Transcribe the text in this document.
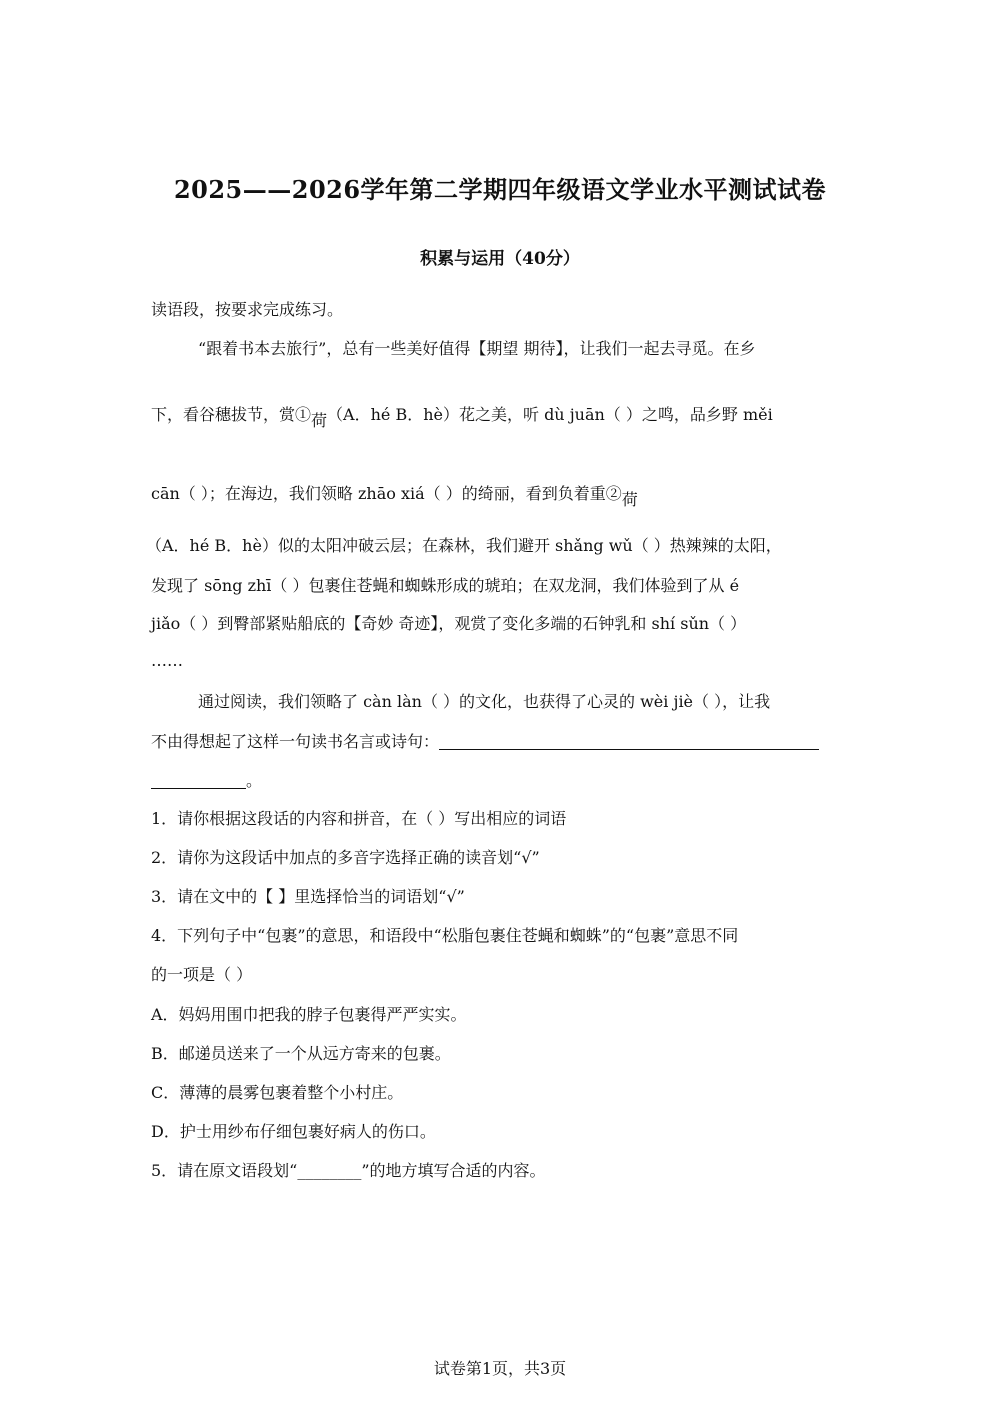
2025——2026学年第二学期四年级语文学业水平测试试卷
积累与运用（40分）
读语段，按要求完成练习。
“跟着书本去旅行”，总有一些美好值得【期望 期待】，让我们一起去寻觅。在乡
下，看谷穗拔节，赏①荷（A．hé B．hè）花之美，听 dù juān（ ）之鸣，品乡野 měi
cān（ ）；在海边，我们领略 zhāo xiá（ ）的绮丽，看到负着重②荷
（A．hé B．hè）似的太阳冲破云层；在森林，我们避开 shǎng wǔ（ ）热辣辣的太阳，
发现了 sōng zhī（ ）包裹住苍蝇和蜘蛛形成的琥珀；在双龙洞，我们体验到了从 é
jiǎo（ ）到臀部紧贴船底的【奇妙 奇迹】，观赏了变化多端的石钟乳和 shí sǔn（ ）
……
通过阅读，我们领略了 càn làn（ ）的文化，也获得了心灵的 wèi jiè（ ），让我
不由得想起了这样一句读书名言或诗句：
。
1．请你根据这段话的内容和拼音，在（ ）写出相应的词语
2．请你为这段话中加点的多音字选择正确的读音划“√”
3．请在文中的【 】里选择恰当的词语划“√”
4．下列句子中“包裹”的意思，和语段中“松脂包裹住苍蝇和蜘蛛”的“包裹”意思不同
的一项是（ ）
A．妈妈用围巾把我的脖子包裹得严严实实。
B．邮递员送来了一个从远方寄来的包裹。
C．薄薄的晨雾包裹着整个小村庄。
D．护士用纱布仔细包裹好病人的伤口。
5．请在原文语段划“________”的地方填写合适的内容。
试卷第1页，共3页
